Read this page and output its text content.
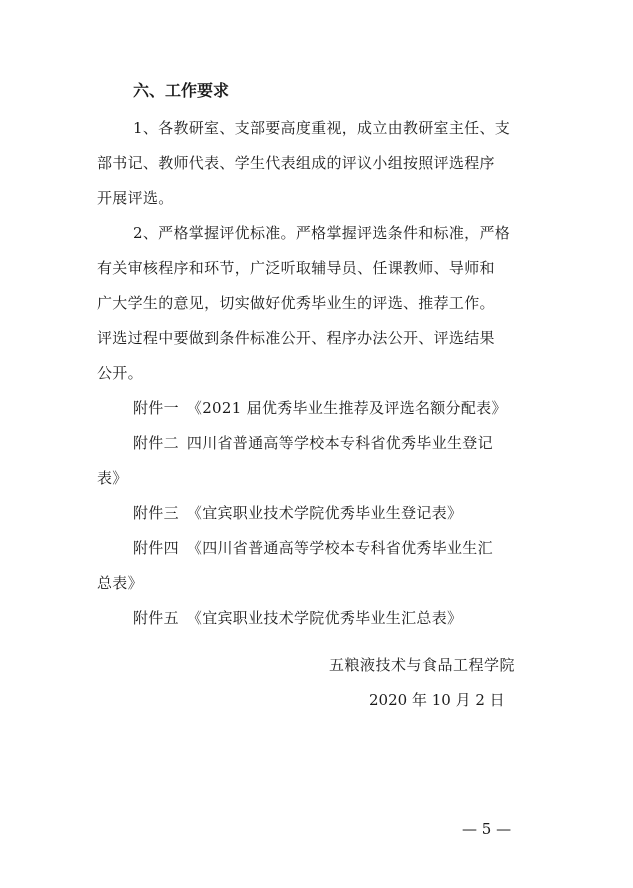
六、工作要求
1、各教研室、支部要高度重视，成立由教研室主任、支
部书记、教师代表、学生代表组成的评议小组按照评选程序
开展评选。
2、严格掌握评优标准。严格掌握评选条件和标准，严格
有关审核程序和环节，广泛听取辅导员、任课教师、导师和
广大学生的意见，切实做好优秀毕业生的评选、推荐工作。
评选过程中要做到条件标准公开、程序办法公开、评选结果
公开。
附件一 《2021 届优秀毕业生推荐及评选名额分配表》
附件二 四川省普通高等学校本专科省优秀毕业生登记
表》
附件三 《宜宾职业技术学院优秀毕业生登记表》
附件四 《四川省普通高等学校本专科省优秀毕业生汇
总表》
附件五 《宜宾职业技术学院优秀毕业生汇总表》
五粮液技术与食品工程学院
2020 年 10 月 2 日
— 5 —
